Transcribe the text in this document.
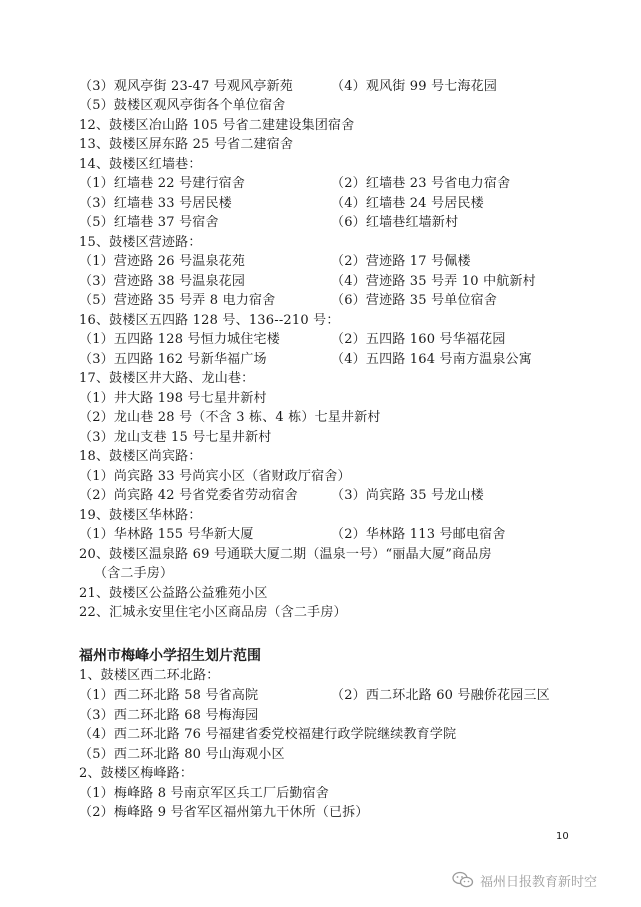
（3）观风亭街 23-47 号观风亭新苑	（4）观风街 99 号七海花园
（5）鼓楼区观风亭街各个单位宿舍
12、鼓楼区冶山路 105 号省二建建设集团宿舍
13、鼓楼区屏东路 25 号省二建宿舍
14、鼓楼区红墙巷：
（1）红墙巷 22 号建行宿舍	（2）红墙巷 23 号省电力宿舍
（3）红墙巷 33 号居民楼	（4）红墙巷 24 号居民楼
（5）红墙巷 37 号宿舍	（6）红墙巷红墙新村
15、鼓楼区营迹路：
（1）营迹路 26 号温泉花苑	（2）营迹路 17 号佩楼
（3）营迹路 38 号温泉花园	（4）营迹路 35 号弄 10 中航新村
（5）营迹路 35 号弄 8 电力宿舍	（6）营迹路 35 号单位宿舍
16、鼓楼区五四路 128 号、136--210 号：
（1）五四路 128 号恒力城住宅楼	（2）五四路 160 号华福花园
（3）五四路 162 号新华福广场	（4）五四路 164 号南方温泉公寓
17、鼓楼区井大路、龙山巷：
（1）井大路 198 号七星井新村
（2）龙山巷 28 号（不含 3 栋、4 栋）七星井新村
（3）龙山支巷 15 号七星井新村
18、鼓楼区尚宾路：
（1）尚宾路 33 号尚宾小区（省财政厅宿舍）
（2）尚宾路 42 号省党委省劳动宿舍	（3）尚宾路 35 号龙山楼
19、鼓楼区华林路：
（1）华林路 155 号华新大厦	（2）华林路 113 号邮电宿舍
20、鼓楼区温泉路 69 号通联大厦二期（温泉一号）“丽晶大厦”商品房
（含二手房）
21、鼓楼区公益路公益雅苑小区
22、汇城永安里住宅小区商品房（含二手房）
福州市梅峰小学招生划片范围
1、鼓楼区西二环北路：
（1）西二环北路 58 号省高院	（2）西二环北路 60 号融侨花园三区
（3）西二环北路 68 号梅海园
（4）西二环北路 76 号福建省委党校福建行政学院继续教育学院
（5）西二环北路 80 号山海观小区
2、鼓楼区梅峰路：
（1）梅峰路 8 号南京军区兵工厂后勤宿舍
（2）梅峰路 9 号省军区福州第九干休所（已拆）
10
福州日报教育新时空
